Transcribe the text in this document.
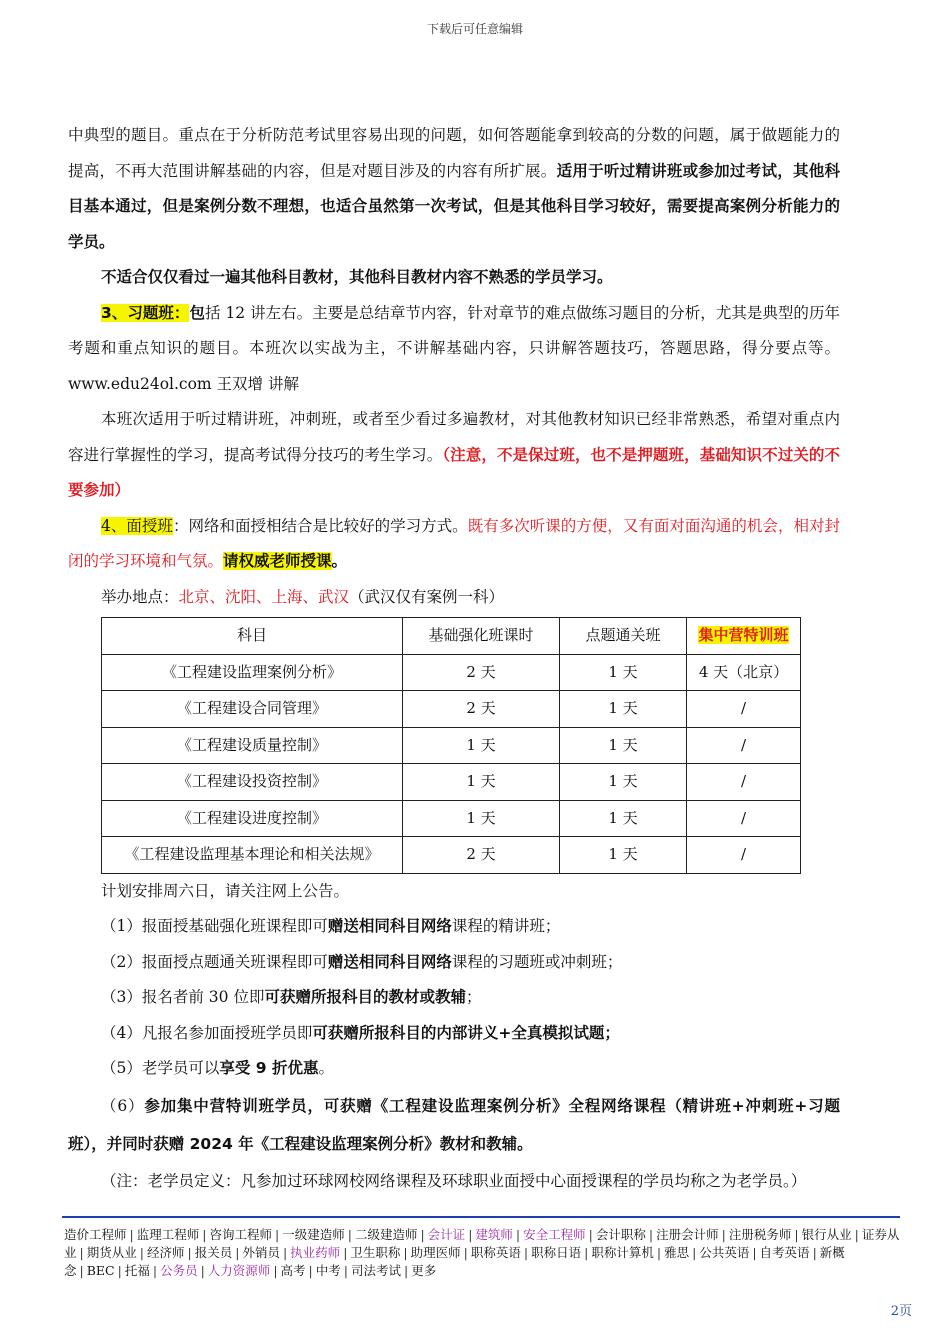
下载后可任意编辑

中典型的题目。重点在于分析防范考试里容易出现的问题，如何答题能拿到较高的分数的问题，属于做题能力的提高，不再大范围讲解基础的内容，但是对题目涉及的内容有所扩展。适用于听过精讲班或参加过考试，其他科目基本通过，但是案例分数不理想，也适合虽然第一次考试，但是其他科目学习较好，需要提高案例分析能力的学员。

不适合仅仅看过一遍其他科目教材，其他科目教材内容不熟悉的学员学习。

3、习题班：包括 12 讲左右。主要是总结章节内容，针对章节的难点做练习题目的分析，尤其是典型的历年考题和重点知识的题目。本班次以实战为主，不讲解基础内容，只讲解答题技巧，答题思路，得分要点等。www.edu24ol.com 王双增 讲解

本班次适用于听过精讲班，冲刺班，或者至少看过多遍教材，对其他教材知识已经非常熟悉，希望对重点内容进行掌握性的学习，提高考试得分技巧的考生学习。（注意，不是保过班，也不是押题班，基础知识不过关的不要参加）

4、面授班：网络和面授相结合是比较好的学习方式。既有多次听课的方便，又有面对面沟通的机会，相对封闭的学习环境和气氛。请权威老师授课。

举办地点：北京、沈阳、上海、武汉（武汉仅有案例一科）

科目	基础强化班课时	点题通关班	集中营特训班
《工程建设监理案例分析》	2 天	1 天	4 天（北京）
《工程建设合同管理》	2 天	1 天	/
《工程建设质量控制》	1 天	1 天	/
《工程建设投资控制》	1 天	1 天	/
《工程建设进度控制》	1 天	1 天	/
《工程建设监理基本理论和相关法规》	2 天	1 天	/

计划安排周六日，请关注网上公告。

（1）报面授基础强化班课程即可赠送相同科目网络课程的精讲班；

（2）报面授点题通关班课程即可赠送相同科目网络课程的习题班或冲刺班；

（3）报名者前 30 位即可获赠所报科目的教材或教辅；

（4）凡报名参加面授班学员即可获赠所报科目的内部讲义+全真模拟试题；

（5）老学员可以享受 9 折优惠。

（6）参加集中营特训班学员，可获赠《工程建设监理案例分析》全程网络课程（精讲班+冲刺班+习题班），并同时获赠 2024 年《工程建设监理案例分析》教材和教辅。

（注：老学员定义：凡参加过环球网校网络课程及环球职业面授中心面授课程的学员均称之为老学员。）

造价工程师 | 监理工程师 | 咨询工程师 | 一级建造师 | 二级建造师 | 会计证 | 建筑师 | 安全工程师 | 会计职称 | 注册会计师 | 注册税务师 | 银行从业 | 证券从业 | 期货从业 | 经济师 | 报关员 | 外销员 | 执业药师 | 卫生职称 | 助理医师 | 职称英语 | 职称日语 | 职称计算机 | 雅思 | 公共英语 | 自考英语 | 新概念 | BEC | 托福 | 公务员 | 人力资源师 | 高考 | 中考 | 司法考试 | 更多
2页
